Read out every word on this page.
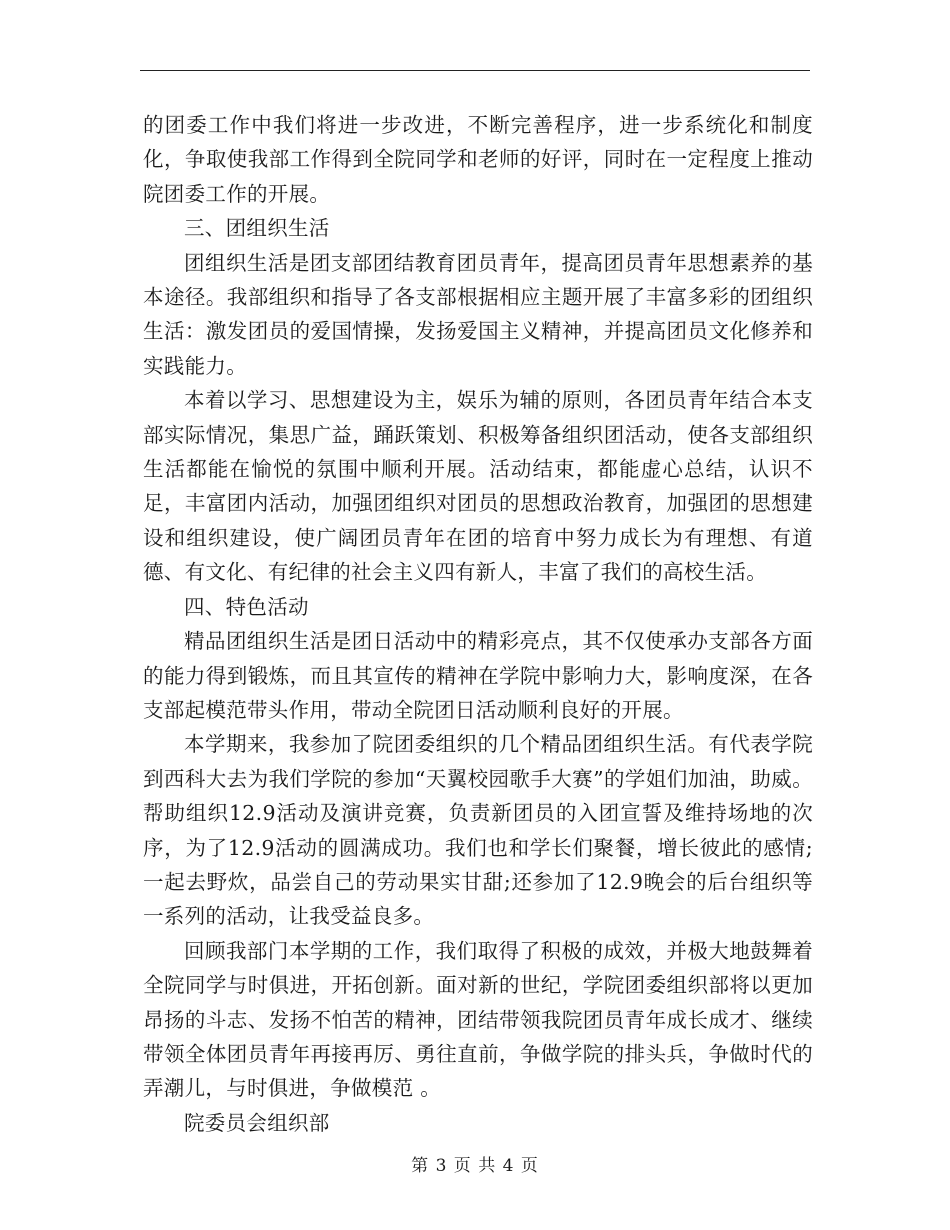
的团委工作中我们将进一步改进，不断完善程序，进一步系统化和制度化，争取使我部工作得到全院同学和老师的好评，同时在一定程度上推动院团委工作的开展。

三、团组织生活

团组织生活是团支部团结教育团员青年，提高团员青年思想素养的基本途径。我部组织和指导了各支部根据相应主题开展了丰富多彩的团组织生活：激发团员的爱国情操，发扬爱国主义精神，并提高团员文化修养和实践能力。

本着以学习、思想建设为主，娱乐为辅的原则，各团员青年结合本支部实际情况，集思广益，踊跃策划、积极筹备组织团活动，使各支部组织生活都能在愉悦的氛围中顺利开展。活动结束，都能虚心总结，认识不足，丰富团内活动，加强团组织对团员的思想政治教育，加强团的思想建设和组织建设，使广阔团员青年在团的培育中努力成长为有理想、有道德、有文化、有纪律的社会主义四有新人，丰富了我们的高校生活。

四、特色活动

精品团组织生活是团日活动中的精彩亮点，其不仅使承办支部各方面的能力得到锻炼，而且其宣传的精神在学院中影响力大，影响度深，在各支部起模范带头作用，带动全院团日活动顺利良好的开展。

本学期来，我参加了院团委组织的几个精品团组织生活。有代表学院到西科大去为我们学院的参加“天翼校园歌手大赛”的学姐们加油，助威。帮助组织12.9活动及演讲竞赛，负责新团员的入团宣誓及维持场地的次序，为了12.9活动的圆满成功。我们也和学长们聚餐，增长彼此的感情;一起去野炊，品尝自己的劳动果实甘甜;还参加了12.9晚会的后台组织等一系列的活动，让我受益良多。

回顾我部门本学期的工作，我们取得了积极的成效，并极大地鼓舞着全院同学与时俱进，开拓创新。面对新的世纪，学院团委组织部将以更加昂扬的斗志、发扬不怕苦的精神，团结带领我院团员青年成长成才、继续带领全体团员青年再接再厉、勇往直前，争做学院的排头兵，争做时代的弄潮儿，与时俱进，争做模范 。

院委员会组织部

第 3 页 共 4 页
